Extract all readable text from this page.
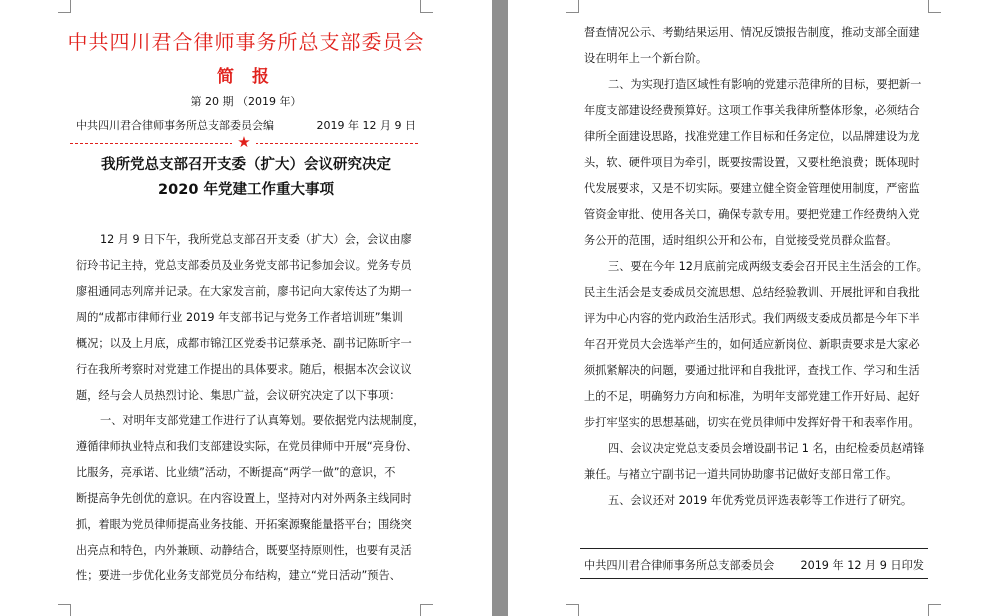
中共四川君合律师事务所总支部委员会
简 报
第 20 期 （2019 年）
中共四川君合律师事务所总支部委员会编	2019 年 12 月 9 日
★
我所党总支部召开支委（扩大）会议研究决定
2020 年党建工作重大事项
12 月 9 日下午，我所党总支部召开支委（扩大）会，会议由廖
衍玲书记主持，党总支部委员及业务党支部书记参加会议。党务专员
廖祖通同志列席并记录。在大家发言前，廖书记向大家传达了为期一
周的“成都市律师行业 2019 年支部书记与党务工作者培训班”集训
概况；以及上月底，成都市锦江区党委书记蔡承尧、副书记陈昕宇一
行在我所考察时对党建工作提出的具体要求。随后，根据本次会议议
题，经与会人员热烈讨论、集思广益，会议研究决定了以下事项：
一、对明年支部党建工作进行了认真筹划。要依据党内法规制度，
遵循律师执业特点和我们支部建设实际，在党员律师中开展“亮身份、
比服务，亮承诺、比业绩”活动，不断提高“两学一做”的意识，不
断提高争先创优的意识。在内容设置上，坚持对内对外两条主线同时
抓，着眼为党员律师提高业务技能、开拓案源聚能量搭平台；围绕突
出亮点和特色，内外兼顾、动静结合，既要坚持原则性，也要有灵活
性；要进一步优化业务支部党员分布结构，建立“党日活动”预告、
督查情况公示、考勤结果运用、情况反馈报告制度，推动支部全面建
设在明年上一个新台阶。
二、为实现打造区域性有影响的党建示范律所的目标，要把新一
年度支部建设经费预算好。这项工作事关我律所整体形象，必须结合
律所全面建设思路，找准党建工作目标和任务定位，以品牌建设为龙
头，软、硬件项目为牵引，既要按需设置，又要杜绝浪费；既体现时
代发展要求，又是不切实际。要建立健全资金管理使用制度，严密监
管资金审批、使用各关口，确保专款专用。要把党建工作经费纳入党
务公开的范围，适时组织公开和公布，自觉接受党员群众监督。
三、要在今年 12月底前完成两级支委会召开民主生活会的工作。
民主生活会是支委成员交流思想、总结经验教训、开展批评和自我批
评为中心内容的党内政治生活形式。我们两级支委成员都是今年下半
年召开党员大会选举产生的，如何适应新岗位、新职责要求是大家必
须抓紧解决的问题，要通过批评和自我批评，查找工作、学习和生活
上的不足，明确努力方向和标准，为明年支部党建工作开好局、起好
步打牢坚实的思想基础，切实在党员律师中发挥好骨干和表率作用。
四、会议决定党总支委员会增设副书记 1 名，由纪检委员赵靖锋
兼任。与褚立宁副书记一道共同协助廖书记做好支部日常工作。
五、会议还对 2019 年优秀党员评选表彰等工作进行了研究。
中共四川君合律师事务所总支部委员会 2019 年 12 月 9 日印发
